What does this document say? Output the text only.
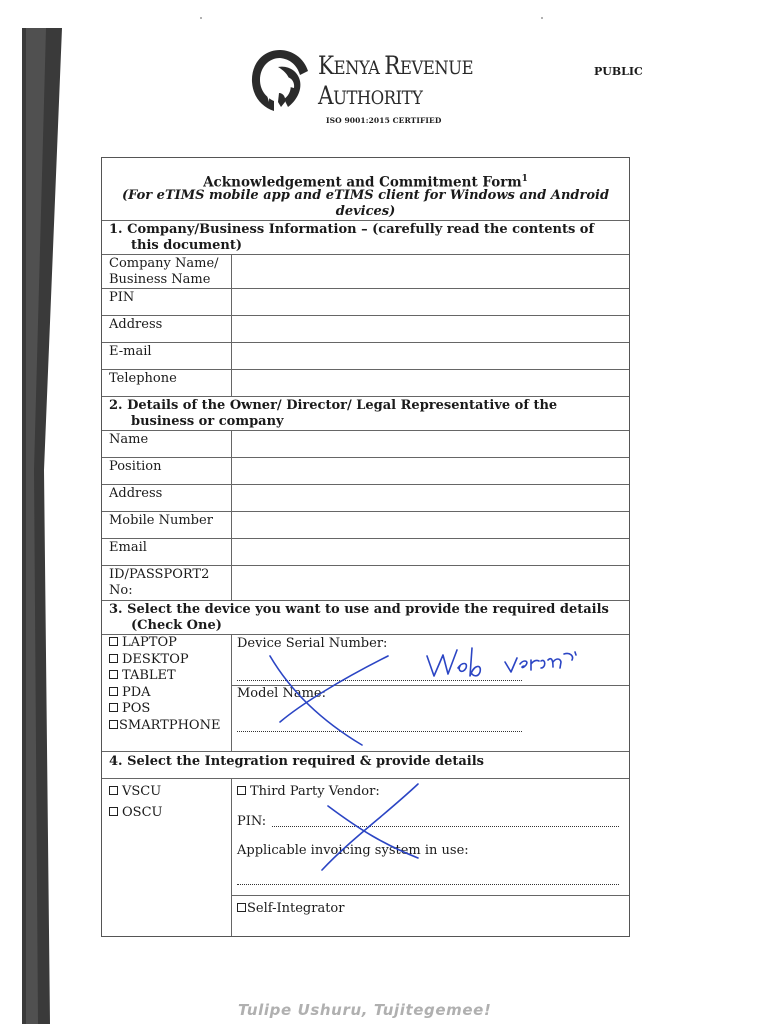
KENYA REVENUE
AUTHORITY
ISO 9001:2015 CERTIFIED
PUBLIC
Acknowledgement and Commitment Form$^1$
(For eTIMS mobile app and eTIMS client for Windows and Android
devices)
1. Company/Business Information – (carefully read the contents of
this document)
Company Name/
Business Name
PIN
Address
E-mail
Telephone
2. Details of the Owner/ Director/ Legal Representative of the
business or company
Name
Position
Address
Mobile Number
Email
ID/PASSPORT2
No:
3. Select the device you want to use and provide the required details
(Check One)
LAPTOP
DESKTOP
TABLET
PDA
POS
SMARTPHONE
Device Serial Number:
Model Name:
4. Select the Integration required & provide details
VSCU
OSCU
Third Party Vendor:
PIN:
Applicable invoicing system in use:
Self-Integrator
Tulipe Ushuru, Tujitegemee!
